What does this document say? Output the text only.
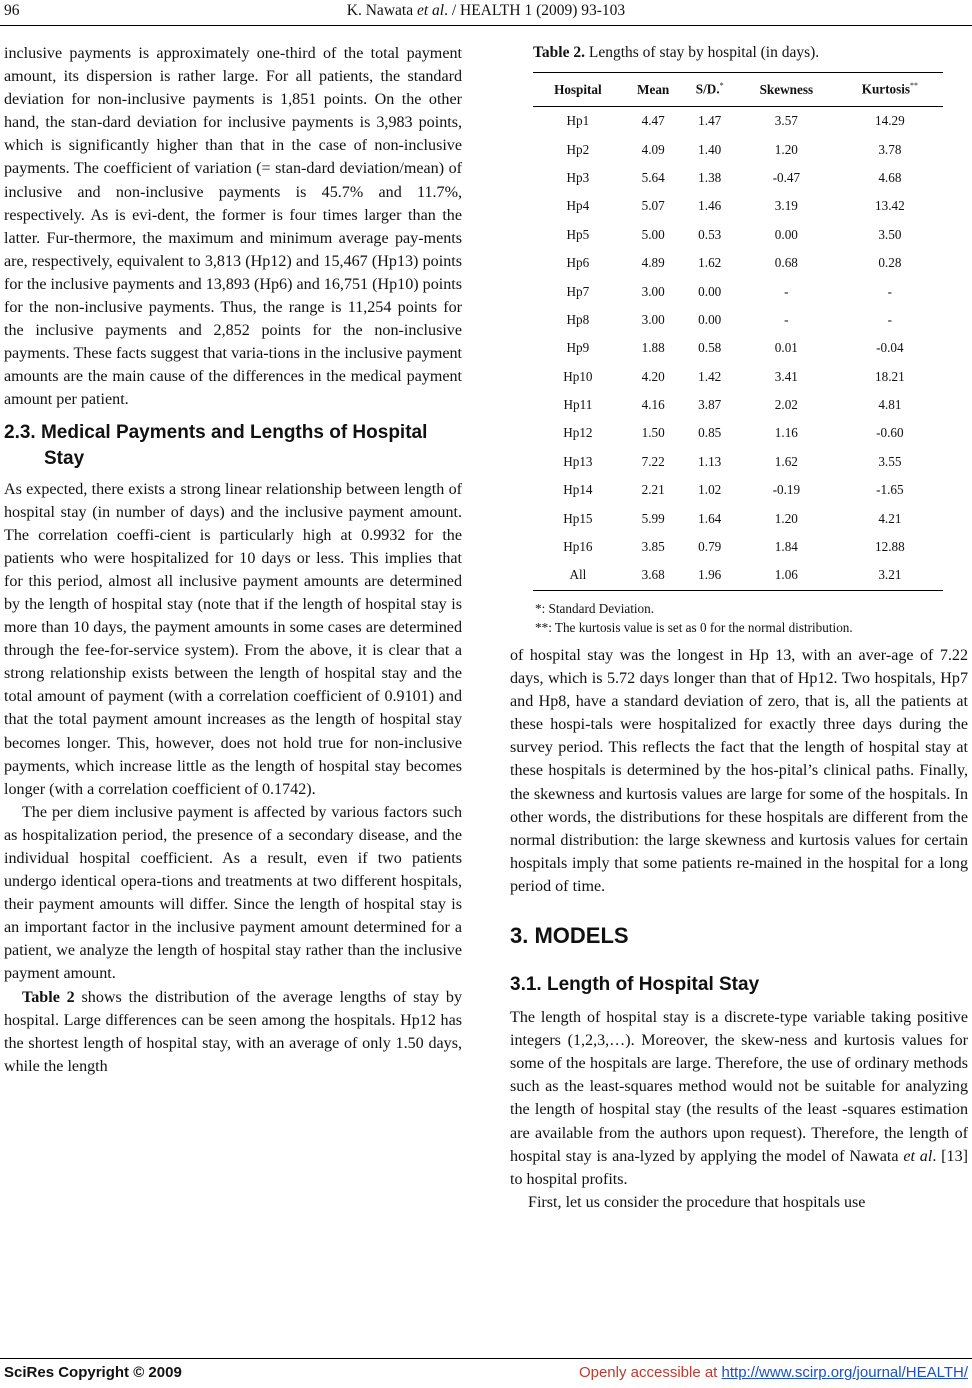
96	K. Nawata et al. / HEALTH 1 (2009) 93-103

inclusive payments is approximately one-third of the total payment amount, its dispersion is rather large. For all patients, the standard deviation for non-inclusive payments is 1,851 points. On the other hand, the stan-dard deviation for inclusive payments is 3,983 points, which is significantly higher than that in the case of non-inclusive payments. The coefficient of variation (= stan-dard deviation/mean) of inclusive and non-inclusive payments is 45.7% and 11.7%, respectively. As is evi-dent, the former is four times larger than the latter. Fur-thermore, the maximum and minimum average pay-ments are, respectively, equivalent to 3,813 (Hp12) and 15,467 (Hp13) points for the inclusive payments and 13,893 (Hp6) and 16,751 (Hp10) points for the non-inclusive payments. Thus, the range is 11,254 points for the inclusive payments and 2,852 points for the non-inclusive payments. These facts suggest that varia-tions in the inclusive payment amounts are the main cause of the differences in the medical payment amount per patient.

2.3. Medical Payments and Lengths of Hospital Stay

As expected, there exists a strong linear relationship between length of hospital stay (in number of days) and the inclusive payment amount. The correlation coeffi-cient is particularly high at 0.9932 for the patients who were hospitalized for 10 days or less. This implies that for this period, almost all inclusive payment amounts are determined by the length of hospital stay (note that if the length of hospital stay is more than 10 days, the payment amounts in some cases are determined through the fee-for-service system). From the above, it is clear that a strong relationship exists between the length of hospital stay and the total amount of payment (with a correlation coefficient of 0.9101) and that the total payment amount increases as the length of hospital stay becomes longer. This, however, does not hold true for non-inclusive payments, which increase little as the length of hospital stay becomes longer (with a correlation coefficient of 0.1742).

The per diem inclusive payment is affected by various factors such as hospitalization period, the presence of a secondary disease, and the individual hospital coefficient. As a result, even if two patients undergo identical opera-tions and treatments at two different hospitals, their payment amounts will differ. Since the length of hospital stay is an important factor in the inclusive payment amount determined for a patient, we analyze the length of hospital stay rather than the inclusive payment amount.

Table 2 shows the distribution of the average lengths of stay by hospital. Large differences can be seen among the hospitals. Hp12 has the shortest length of hospital stay, with an average of only 1.50 days, while the length

Table 2. Lengths of stay by hospital (in days).
Hospital	Mean	S/D.*	Skewness	Kurtosis**
Hp1	4.47	1.47	3.57	14.29
Hp2	4.09	1.40	1.20	3.78
Hp3	5.64	1.38	-0.47	4.68
Hp4	5.07	1.46	3.19	13.42
Hp5	5.00	0.53	0.00	3.50
Hp6	4.89	1.62	0.68	0.28
Hp7	3.00	0.00	-	-
Hp8	3.00	0.00	-	-
Hp9	1.88	0.58	0.01	-0.04
Hp10	4.20	1.42	3.41	18.21
Hp11	4.16	3.87	2.02	4.81
Hp12	1.50	0.85	1.16	-0.60
Hp13	7.22	1.13	1.62	3.55
Hp14	2.21	1.02	-0.19	-1.65
Hp15	5.99	1.64	1.20	4.21
Hp16	3.85	0.79	1.84	12.88
All	3.68	1.96	1.06	3.21
*: Standard Deviation.
**: The kurtosis value is set as 0 for the normal distribution.

of hospital stay was the longest in Hp 13, with an aver-age of 7.22 days, which is 5.72 days longer than that of Hp12. Two hospitals, Hp7 and Hp8, have a standard deviation of zero, that is, all the patients at these hospi-tals were hospitalized for exactly three days during the survey period. This reflects the fact that the length of hospital stay at these hospitals is determined by the hos-pital’s clinical paths. Finally, the skewness and kurtosis values are large for some of the hospitals. In other words, the distributions for these hospitals are different from the normal distribution: the large skewness and kurtosis values for certain hospitals imply that some patients re-mained in the hospital for a long period of time.

3. MODELS
3.1. Length of Hospital Stay

The length of hospital stay is a discrete-type variable taking positive integers (1,2,3,…). Moreover, the skew-ness and kurtosis values for some of the hospitals are large. Therefore, the use of ordinary methods such as the least-squares method would not be suitable for analyzing the length of hospital stay (the results of the least -squares estimation are available from the authors upon request). Therefore, the length of hospital stay is ana-lyzed by applying the model of Nawata et al. [13] to hospital profits.

First, let us consider the procedure that hospitals use

SciRes Copyright © 2009	Openly accessible at http://www.scirp.org/journal/HEALTH/
